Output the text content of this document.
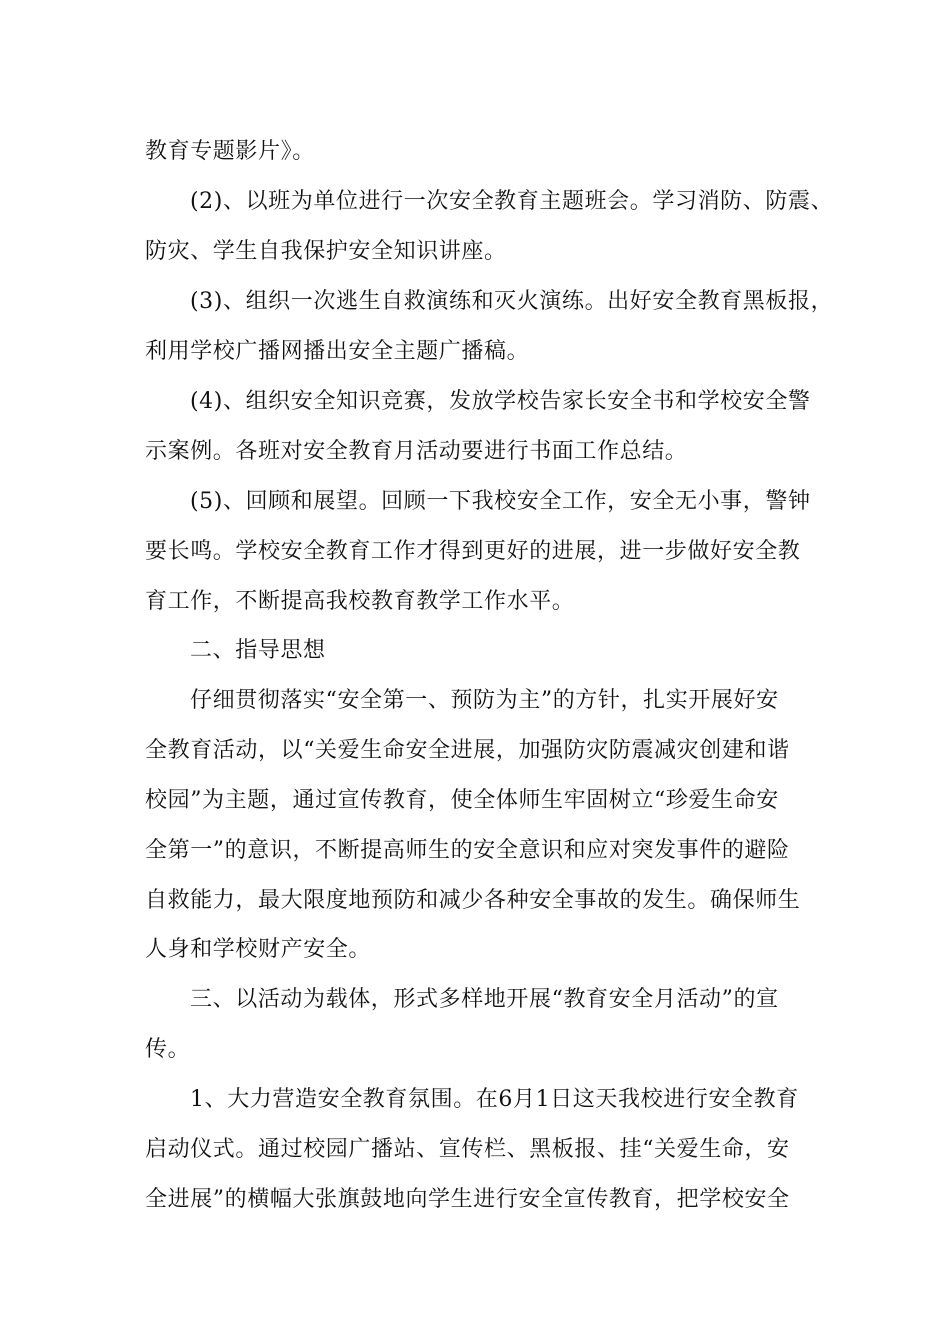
教育专题影片》。
(2)、以班为单位进行一次安全教育主题班会。学习消防、防震、
防灾、学生自我保护安全知识讲座。
(3)、组织一次逃生自救演练和灭火演练。出好安全教育黑板报，
利用学校广播网播出安全主题广播稿。
(4)、组织安全知识竞赛，发放学校告家长安全书和学校安全警
示案例。各班对安全教育月活动要进行书面工作总结。
(5)、回顾和展望。回顾一下我校安全工作，安全无小事，警钟
要长鸣。学校安全教育工作才得到更好的进展，进一步做好安全教
育工作，不断提高我校教育教学工作水平。
二、指导思想
仔细贯彻落实“安全第一、预防为主”的方针，扎实开展好安
全教育活动，以“关爱生命安全进展，加强防灾防震减灾创建和谐
校园”为主题，通过宣传教育，使全体师生牢固树立“珍爱生命安
全第一”的意识，不断提高师生的安全意识和应对突发事件的避险
自救能力，最大限度地预防和减少各种安全事故的发生。确保师生
人身和学校财产安全。
三、以活动为载体，形式多样地开展“教育安全月活动”的宣
传。
1、大力营造安全教育氛围。在6月1日这天我校进行安全教育
启动仪式。通过校园广播站、宣传栏、黑板报、挂“关爱生命，安
全进展”的横幅大张旗鼓地向学生进行安全宣传教育，把学校安全
